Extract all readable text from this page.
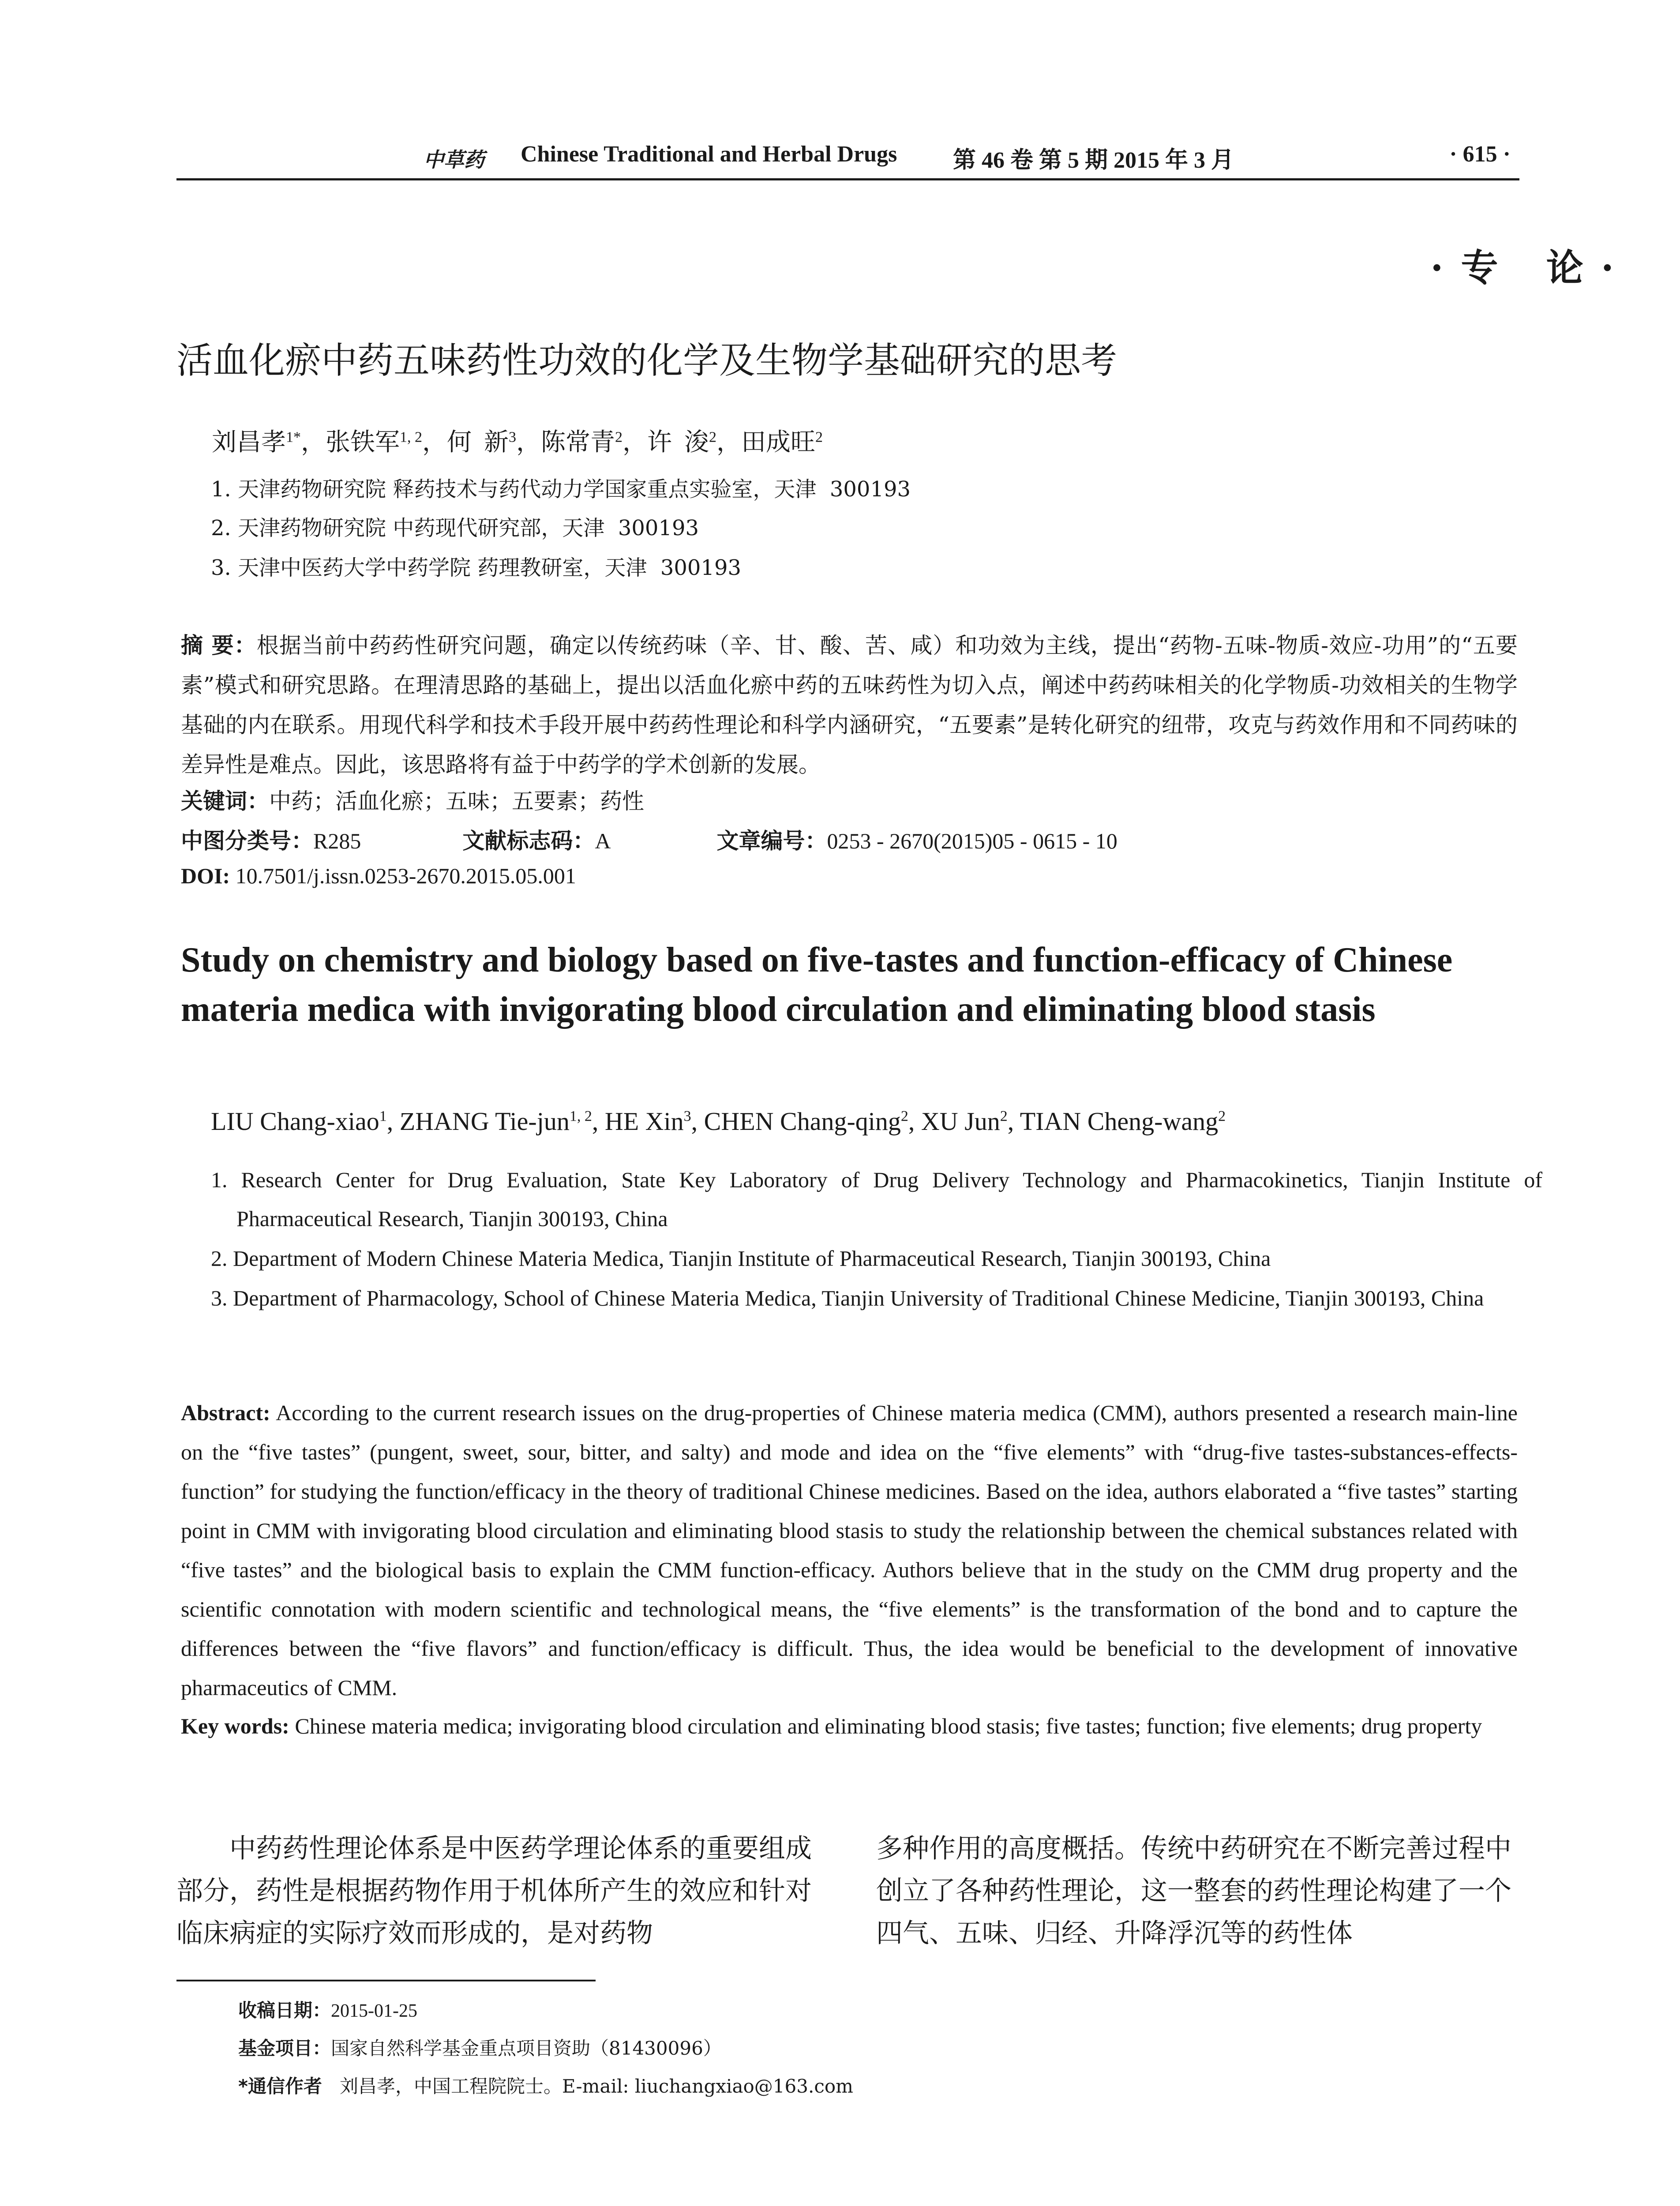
中草药 Chinese Traditional and Herbal Drugs 第 46 卷 第 5 期 2015 年 3 月	· 615 ·
·专 论·
活血化瘀中药五味药性功效的化学及生物学基础研究的思考
刘昌孝$^{1*}$，张铁军$^{1, 2}$，何  新$^3$，陈常青$^2$，许  浚$^2$，田成旺$^2$
1. 天津药物研究院 释药技术与药代动力学国家重点实验室，天津  300193
2. 天津药物研究院 中药现代研究部，天津  300193
3. 天津中医药大学中药学院 药理教研室，天津  300193

摘 要：根据当前中药药性研究问题，确定以传统药味（辛、甘、酸、苦、咸）和功效为主线，提出“药物-五味-物质-效应-功用”的“五要素”模式和研究思路。在理清思路的基础上，提出以活血化瘀中药的五味药性为切入点，阐述中药药味相关的化学物质-功效相关的生物学基础的内在联系。用现代科学和技术手段开展中药药性理论和科学内涵研究，“五要素”是转化研究的纽带，攻克与药效作用和不同药味的差异性是难点。因此，该思路将有益于中药学的学术创新的发展。

关键词：中药；活血化瘀；五味；五要素；药性
中图分类号：R285	文献标志码：A	文章编号：0253 - 2670(2015)05 - 0615 - 10
DOI: 10.7501/j.issn.0253-2670.2015.05.001
Study on chemistry and biology based on five-tastes and function-efficacy of Chinese materia medica with invigorating blood circulation and eliminating blood stasis
LIU Chang-xiao$^1$, ZHANG Tie-jun$^{1, 2}$, HE Xin$^3$, CHEN Chang-qing$^2$, XU Jun$^2$, TIAN Cheng-wang$^2$
1. Research Center for Drug Evaluation, State Key Laboratory of Drug Delivery Technology and Pharmacokinetics, Tianjin Institute of Pharmaceutical Research, Tianjin 300193, China
2. Department of Modern Chinese Materia Medica, Tianjin Institute of Pharmaceutical Research, Tianjin 300193, China
3. Department of Pharmacology, School of Chinese Materia Medica, Tianjin University of Traditional Chinese Medicine, Tianjin 300193, China

Abstract: According to the current research issues on the drug-properties of Chinese materia medica (CMM), authors presented a research main-line on the “five tastes” (pungent, sweet, sour, bitter, and salty) and mode and idea on the “five elements” with “drug-five tastes-substances-effects-function” for studying the function/efficacy in the theory of traditional Chinese medicines. Based on the idea, authors elaborated a “five tastes” starting point in CMM with invigorating blood circulation and eliminating blood stasis to study the relationship between the chemical substances related with “five tastes” and the biological basis to explain the CMM function-efficacy. Authors believe that in the study on the CMM drug property and the scientific connotation with modern scientific and technological means, the “five elements” is the transformation of the bond and to capture the differences between the “five flavors” and function/efficacy is difficult. Thus, the idea would be beneficial to the development of innovative pharmaceutics of CMM.

Key words: Chinese materia medica; invigorating blood circulation and eliminating blood stasis; five tastes; function; five elements; drug property

中药药性理论体系是中医药学理论体系的重要组成部分，药性是根据药物作用于机体所产生的效应和针对临床病症的实际疗效而形成的，是对药物

多种作用的高度概括。传统中药研究在不断完善过程中创立了各种药性理论，这一整套的药性理论构建了一个四气、五味、归经、升降浮沉等的药性体

收稿日期：2015-01-25
基金项目：国家自然科学基金重点项目资助（81430096）
*通信作者 刘昌孝，中国工程院院士。E-mail: liuchangxiao@163.com
